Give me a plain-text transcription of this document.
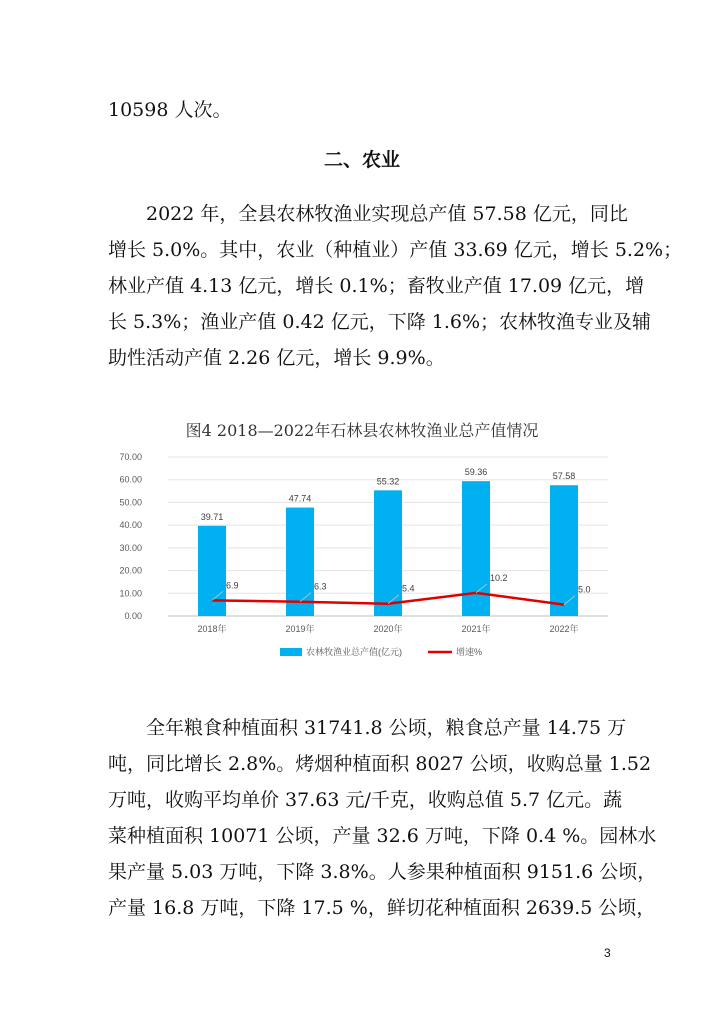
10598 人次。

二、农业

　　2022 年，全县农林牧渔业实现总产值 57.58 亿元，同比
增长 5.0%。其中，农业（种植业）产值 33.69 亿元，增长 5.2%；
林业产值 4.13 亿元，增长 0.1%；畜牧业产值 17.09 亿元，增
长 5.3%；渔业产值 0.42 亿元，下降 1.6%；农林牧渔专业及辅
助性活动产值 2.26 亿元，增长 9.9%。

图4 2018—2022年石林县农林牧渔业总产值情况
0.00
10.00
20.00
30.00
40.00
50.00
60.00
70.00
39.71
47.74
55.32
59.36	57.58
6.9	6.3	5.4
10.2
5.0
2018年	2019年	2020年	2021年	2022年
农林牧渔业总产值(亿元)	增速%

　　全年粮食种植面积 31741.8 公顷，粮食总产量 14.75 万
吨，同比增长 2.8%。烤烟种植面积 8027 公顷，收购总量 1.52
万吨，收购平均单价 37.63 元/千克，收购总值 5.7 亿元。蔬
菜种植面积 10071 公顷，产量 32.6 万吨，下降 0.4 %。园林水
果产量 5.03 万吨，下降 3.8%。人参果种植面积 9151.6 公顷，
产量 16.8 万吨，下降 17.5 %，鲜切花种植面积 2639.5 公顷，

3
